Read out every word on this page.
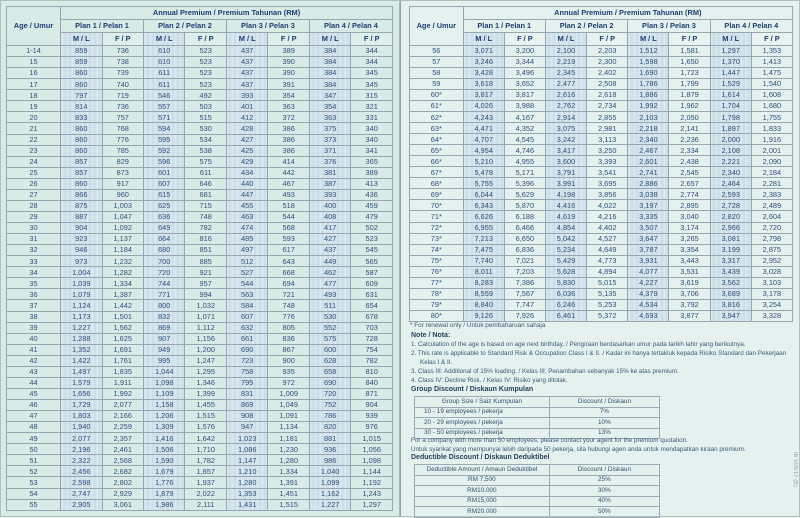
Age / Umur	Annual Premium / Premium Tahunan (RM)							
	Plan 1 / Pelan 1		Plan 2 / Pelan 2		Plan 3 / Pelan 3		Plan 4 / Pelan 4	
	M / L	F / P	M / L	F / P	M / L	F / P	M / L	F / P
1-14	859	736	610	523	437	389	384	344
15	859	738	610	523	437	390	384	344
16	860	739	611	523	437	390	384	345
17	860	740	611	523	437	391	384	345
18	797	719	546	492	393	354	347	315
19	814	736	557	503	401	363	354	321
20	833	757	571	515	412	372	363	331
21	860	768	594	530	428	386	375	340
22	860	776	595	534	427	386	373	340
23	860	785	592	538	425	386	371	341
24	857	829	596	575	429	414	376	365
25	857	873	601	611	434	442	381	389
26	860	917	607	646	440	467	387	413
27	866	960	615	681	447	493	393	436
28	875	1,003	625	715	455	518	400	459
29	887	1,047	636	748	463	544	408	479
30	904	1,092	649	782	474	568	417	502
31	923	1,137	664	816	485	593	427	523
32	946	1,184	680	851	497	617	437	545
33	973	1,232	700	885	512	643	449	565
34	1,004	1,282	720	921	527	668	462	587
35	1,039	1,334	744	957	544	694	477	609
36	1,079	1,387	771	994	563	721	493	631
37	1,124	1,442	800	1,032	584	748	511	654
38	1,173	1,501	832	1,071	607	776	530	678
39	1,227	1,562	869	1,112	632	805	552	703
40	1,288	1,625	907	1,156	661	836	575	728
41	1,352	1,691	949	1,200	690	867	600	754
42	1,422	1,761	995	1,247	723	900	628	782
43	1,497	1,835	1,044	1,295	758	935	658	810
44	1,579	1,911	1,098	1,346	795	972	690	840
45	1,656	1,992	1,109	1,399	831	1,009	720	871
46	1,729	2,077	1,158	1,455	869	1,049	752	904
47	1,803	2,166	1,206	1,515	908	1,091	786	939
48	1,940	2,259	1,309	1,576	947	1,134	820	976
49	2,077	2,357	1,416	1,642	1,023	1,181	881	1,015
50	2,196	2,461	1,506	1,710	1,086	1,230	936	1,056
51	2,322	2,568	1,590	1,782	1,147	1,280	986	1,098
52	2,456	2,682	1,679	1,857	1,210	1,334	1,040	1,144
53	2,598	2,802	1,776	1,937	1,280	1,391	1,099	1,192
54	2,747	2,929	1,879	2,022	1,353	1,451	1,162	1,243
55	2,905	3,061	1,986	2,111	1,431	1,515	1,227	1,297
Age / Umur	Annual Premium / Premium Tahunan (RM)							
	Plan 1 / Pelan 1		Plan 2 / Pelan 2		Plan 3 / Pelan 3		Plan 4 / Pelan 4	
	M / L	F / P	M / L	F / P	M / L	F / P	M / L	F / P
56	3,071	3,200	2,100	2,203	1,512	1,581	1,297	1,353
57	3,246	3,344	2,219	2,300	1,598	1,650	1,370	1,413
58	3,428	3,496	2,345	2,402	1,690	1,723	1,447	1,475
59	3,618	3,652	2,477	2,508	1,786	1,799	1,529	1,540
60*	3,817	3,817	2,616	2,618	1,886	1,879	1,614	1,608
61*	4,026	3,988	2,762	2,734	1,992	1,962	1,704	1,680
62*	4,243	4,167	2,914	2,855	2,103	2,050	1,798	1,755
63*	4,471	4,352	3,075	2,981	2,218	2,141	1,897	1,833
64*	4,707	4,545	3,242	3,113	2,340	2,236	2,000	1,916
65*	4,954	4,746	3,417	3,250	2,467	2,334	2,108	2,001
66*	5,210	4,955	3,600	3,393	2,601	2,438	2,221	2,090
67*	5,478	5,171	3,791	3,541	2,741	2,545	2,340	2,184
68*	5,755	5,396	3,991	3,695	2,886	2,657	2,464	2,281
69*	6,044	5,629	4,198	3,856	3,038	2,774	2,593	2,383
70*	6,343	5,870	4,416	4,022	3,197	2,895	2,728	2,489
71*	6,626	6,188	4,619	4,216	3,335	3,040	2,820	2,604
72*	6,955	6,466	4,854	4,402	3,507	3,174	2,966	2,720
73*	7,213	6,650	5,042	4,527	3,647	3,265	3,081	2,798
74*	7,475	6,836	5,234	4,649	3,787	3,354	3,199	2,875
75*	7,740	7,021	5,429	4,773	3,931	3,443	3,317	2,952
76*	8,011	7,203	5,628	4,894	4,077	3,531	3,439	3,028
77*	8,283	7,386	5,830	5,015	4,227	3,619	3,562	3,103
78*	8,559	7,567	6,036	5,135	4,379	3,706	3,689	3,178
79*	8,840	7,747	6,246	5,253	4,534	3,792	3,816	3,254
80*	9,126	7,926	6,461	5,372	4,693	3,877	3,947	3,328
* For renewal only / Untuk pembaharuan sahaja
Note / Nota:
1. Calculation of the age is based on age next birthday. / Pengiraan berdasarkan umur pada tarikh lahir yang berikutnya.
2. This rate is applicable to Standard Risk & Occupation Class I & II. / Kadar ini hanya tertakluk kepada Risiko Standard dan Pekerjaan Kelas I & II.
3. Class III: Additional of 15% loading. / Kelas III: Penambahan sebanyak 15% ke atas premium.
4. Class IV: Decline Risk. / Kelas IV: Risiko yang ditolak.
Group Discount / Diskaun Kumpulan
Group Size / Saiz Kumpulan	Discount / Diskaun
10 - 19 employees / pekerja	7%
20 - 29 employees / pekerja	10%
30 - 50 employees / pekerja	13%
For a company with more than 50 employees, please contact your agent for the premium quotation.
Untuk syarikat yang mempunyai lebih daripada 50 pekerja, sila hubungi agen anda untuk mendapatkan kiraan premium.
Deductible Discount / Diskaun Deduktibel
Deductible Amount / Amaun Deduktibel	Discount / Diskaun
RM 7,500	25%
RM10,000	30%
RM15,000	40%
RM20,000	50%
IB V05/17 (B)
